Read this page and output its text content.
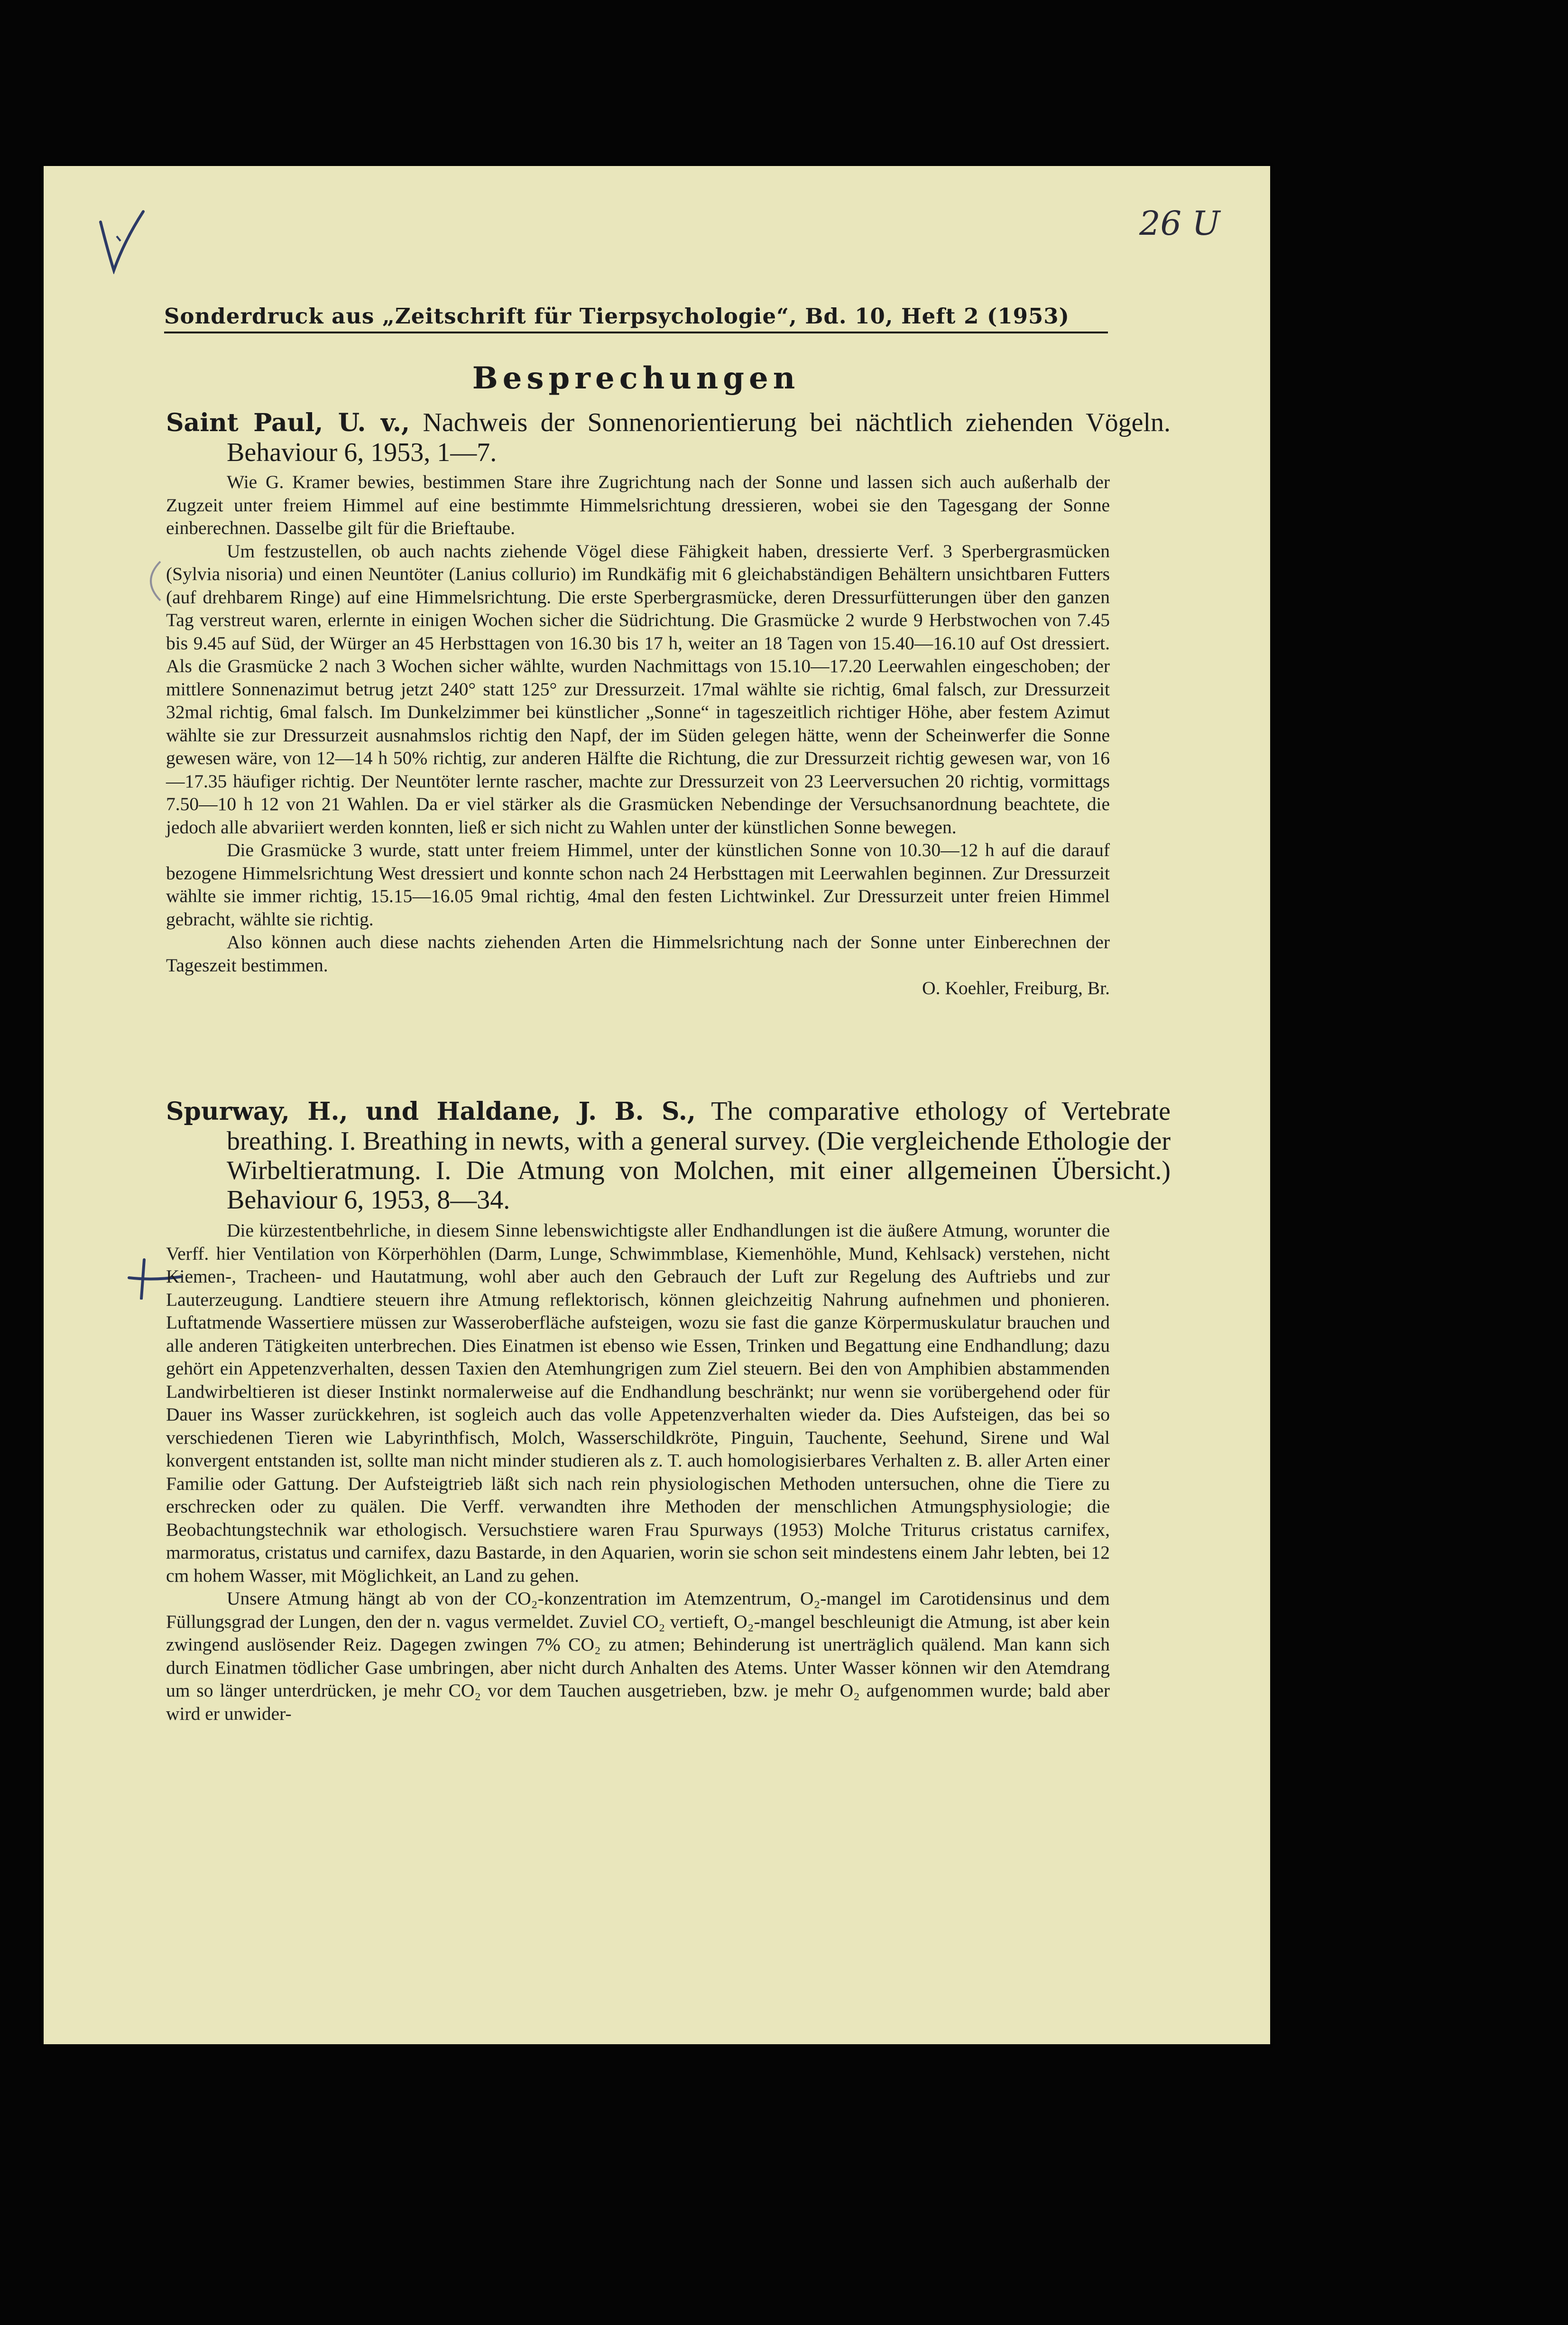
26 U
Sonderdruck aus „Zeitschrift für Tierpsychologie“, Bd. 10, Heft 2 (1953)
Besprechungen
Saint Paul, U. v., Nachweis der Sonnenorientierung bei nächtlich ziehenden Vögeln. Behaviour 6, 1953, 1—7.

Wie G. Kramer bewies, bestimmen Stare ihre Zugrichtung nach der Sonne und lassen sich auch außerhalb der Zugzeit unter freiem Himmel auf eine bestimmte Himmelsrichtung dressieren, wobei sie den Tagesgang der Sonne einberechnen. Dasselbe gilt für die Brieftaube.

Um festzustellen, ob auch nachts ziehende Vögel diese Fähigkeit haben, dressierte Verf. 3 Sperbergrasmücken (Sylvia nisoria) und einen Neuntöter (Lanius collurio) im Rundkäfig mit 6 gleichabständigen Behältern unsichtbaren Futters (auf drehbarem Ringe) auf eine Himmelsrichtung. Die erste Sperbergrasmücke, deren Dressurfütterungen über den ganzen Tag verstreut waren, erlernte in einigen Wochen sicher die Südrichtung. Die Grasmücke 2 wurde 9 Herbstwochen von 7.45 bis 9.45 auf Süd, der Würger an 45 Herbsttagen von 16.30 bis 17 h, weiter an 18 Tagen von 15.40—16.10 auf Ost dressiert. Als die Grasmücke 2 nach 3 Wochen sicher wählte, wurden Nachmittags von 15.10—17.20 Leerwahlen eingeschoben; der mittlere Sonnenazimut betrug jetzt 240° statt 125° zur Dressurzeit. 17mal wählte sie richtig, 6mal falsch, zur Dressurzeit 32mal richtig, 6mal falsch. Im Dunkelzimmer bei künstlicher „Sonne“ in tageszeitlich richtiger Höhe, aber festem Azimut wählte sie zur Dressurzeit ausnahmslos richtig den Napf, der im Süden gelegen hätte, wenn der Scheinwerfer die Sonne gewesen wäre, von 12—14 h 50% richtig, zur anderen Hälfte die Richtung, die zur Dressurzeit richtig gewesen war, von 16—17.35 häufiger richtig. Der Neuntöter lernte rascher, machte zur Dressurzeit von 23 Leerversuchen 20 richtig, vormittags 7.50—10 h 12 von 21 Wahlen. Da er viel stärker als die Grasmücken Nebendinge der Versuchsanordnung beachtete, die jedoch alle abvariiert werden konnten, ließ er sich nicht zu Wahlen unter der künstlichen Sonne bewegen.

Die Grasmücke 3 wurde, statt unter freiem Himmel, unter der künstlichen Sonne von 10.30—12 h auf die darauf bezogene Himmelsrichtung West dressiert und konnte schon nach 24 Herbsttagen mit Leerwahlen beginnen. Zur Dressurzeit wählte sie immer richtig, 15.15—16.05 9mal richtig, 4mal den festen Lichtwinkel. Zur Dressurzeit unter freien Himmel gebracht, wählte sie richtig.

Also können auch diese nachts ziehenden Arten die Himmelsrichtung nach der Sonne unter Einberechnen der Tageszeit bestimmen.

O. Koehler, Freiburg, Br.
Spurway, H., und Haldane, J. B. S., The comparative ethology of Vertebrate breathing. I. Breathing in newts, with a general survey. (Die vergleichende Ethologie der Wirbeltieratmung. I. Die Atmung von Molchen, mit einer allgemeinen Übersicht.) Behaviour 6, 1953, 8—34.

Die kürzestentbehrliche, in diesem Sinne lebenswichtigste aller Endhandlungen ist die äußere Atmung, worunter die Verff. hier Ventilation von Körperhöhlen (Darm, Lunge, Schwimmblase, Kiemenhöhle, Mund, Kehlsack) verstehen, nicht Kiemen-, Tracheen- und Hautatmung, wohl aber auch den Gebrauch der Luft zur Regelung des Auftriebs und zur Lauterzeugung. Landtiere steuern ihre Atmung reflektorisch, können gleichzeitig Nahrung aufnehmen und phonieren. Luftatmende Wassertiere müssen zur Wasseroberfläche aufsteigen, wozu sie fast die ganze Körpermuskulatur brauchen und alle anderen Tätigkeiten unterbrechen. Dies Einatmen ist ebenso wie Essen, Trinken und Begattung eine Endhandlung; dazu gehört ein Appetenzverhalten, dessen Taxien den Atemhungrigen zum Ziel steuern. Bei den von Amphibien abstammenden Landwirbeltieren ist dieser Instinkt normalerweise auf die Endhandlung beschränkt; nur wenn sie vorübergehend oder für Dauer ins Wasser zurückkehren, ist sogleich auch das volle Appetenzverhalten wieder da. Dies Aufsteigen, das bei so verschiedenen Tieren wie Labyrinthfisch, Molch, Wasserschildkröte, Pinguin, Tauchente, Seehund, Sirene und Wal konvergent entstanden ist, sollte man nicht minder studieren als z. T. auch homologisierbares Verhalten z. B. aller Arten einer Familie oder Gattung. Der Aufsteigtrieb läßt sich nach rein physiologischen Methoden untersuchen, ohne die Tiere zu erschrecken oder zu quälen. Die Verff. verwandten ihre Methoden der menschlichen Atmungsphysiologie; die Beobachtungstechnik war ethologisch. Versuchstiere waren Frau Spurways (1953) Molche Triturus cristatus carnifex, marmoratus, cristatus und carnifex, dazu Bastarde, in den Aquarien, worin sie schon seit mindestens einem Jahr lebten, bei 12 cm hohem Wasser, mit Möglichkeit, an Land zu gehen.

Unsere Atmung hängt ab von der CO₂-konzentration im Atemzentrum, O₂-mangel im Carotidensinus und dem Füllungsgrad der Lungen, den der n. vagus vermeldet. Zuviel CO₂ vertieft, O₂-mangel beschleunigt die Atmung, ist aber kein zwingend auslösender Reiz. Dagegen zwingen 7% CO₂ zu atmen; Behinderung ist unerträglich quälend. Man kann sich durch Einatmen tödlicher Gase umbringen, aber nicht durch Anhalten des Atems. Unter Wasser können wir den Atemdrang um so länger unterdrücken, je mehr CO₂ vor dem Tauchen ausgetrieben, bzw. je mehr O₂ aufgenommen wurde; bald aber wird er unwider-
